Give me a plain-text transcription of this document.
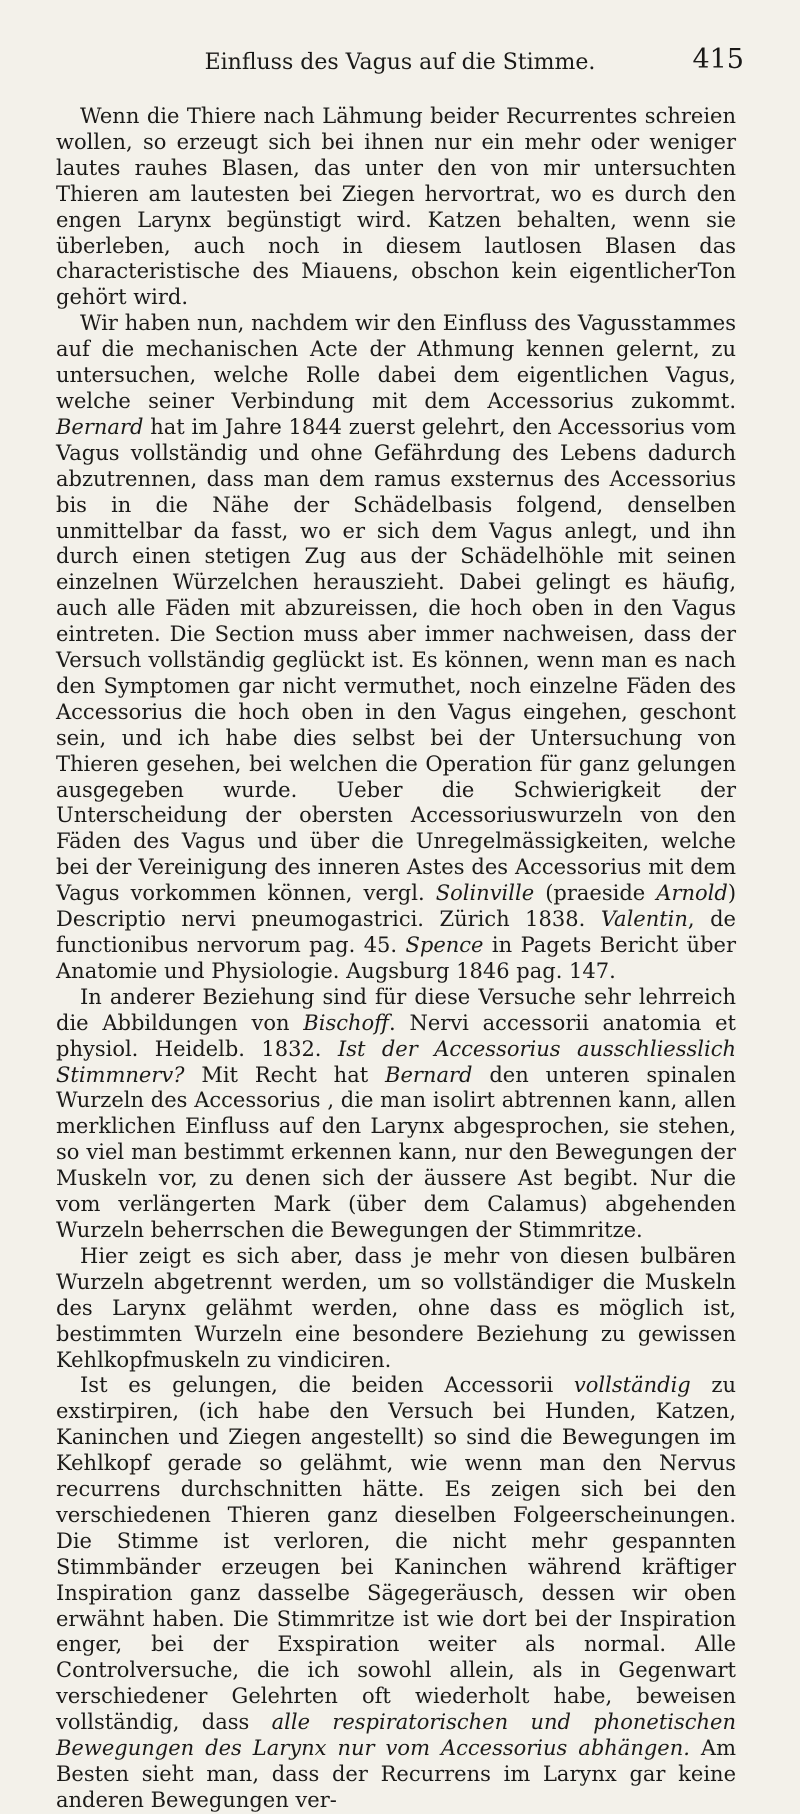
Einfluss des Vagus auf die Stimme.	415

Wenn die Thiere nach Lähmung beider Recurrentes schreien wollen, so erzeugt sich bei ihnen nur ein mehr oder weniger lautes rauhes Blasen, das unter den von mir untersuchten Thieren am lautesten bei Ziegen hervortrat, wo es durch den engen Larynx begünstigt wird. Katzen behalten, wenn sie überleben, auch noch in diesem lautlosen Blasen das characteristische des Miauens, obschon kein eigentlicherTon gehört wird.

Wir haben nun, nachdem wir den Einfluss des Vagusstammes auf die mechanischen Acte der Athmung kennen gelernt, zu untersuchen, welche Rolle dabei dem eigentlichen Vagus, welche seiner Verbindung mit dem Accessorius zukommt. Bernard hat im Jahre 1844 zuerst gelehrt, den Accessorius vom Vagus vollständig und ohne Gefährdung des Lebens dadurch abzutrennen, dass man dem ramus exsternus des Accessorius bis in die Nähe der Schädelbasis folgend, denselben unmittelbar da fasst, wo er sich dem Vagus anlegt, und ihn durch einen stetigen Zug aus der Schädelhöhle mit seinen einzelnen Würzelchen herauszieht. Dabei gelingt es häufig, auch alle Fäden mit abzureissen, die hoch oben in den Vagus eintreten. Die Section muss aber immer nachweisen, dass der Versuch vollständig geglückt ist. Es können, wenn man es nach den Symptomen gar nicht vermuthet, noch einzelne Fäden des Accessorius die hoch oben in den Vagus eingehen, geschont sein, und ich habe dies selbst bei der Untersuchung von Thieren gesehen, bei welchen die Operation für ganz gelungen ausgegeben wurde. Ueber die Schwierigkeit der Unterscheidung der obersten Accessoriuswurzeln von den Fäden des Vagus und über die Unregelmässigkeiten, welche bei der Vereinigung des inneren Astes des Accessorius mit dem Vagus vorkommen können, vergl. Solinville (praeside Arnold) Descriptio nervi pneumogastrici. Zürich 1838. Valentin, de functionibus nervorum pag. 45. Spence in Pagets Bericht über Anatomie und Physiologie. Augsburg 1846 pag. 147.

In anderer Beziehung sind für diese Versuche sehr lehrreich die Abbildungen von Bischoff. Nervi accessorii anatomia et physiol. Heidelb. 1832. Ist der Accessorius ausschliesslich Stimmnerv? Mit Recht hat Bernard den unteren spinalen Wurzeln des Accessorius , die man isolirt abtrennen kann, allen merklichen Einfluss auf den Larynx abgesprochen, sie stehen, so viel man bestimmt erkennen kann, nur den Bewegungen der Muskeln vor, zu denen sich der äussere Ast begibt. Nur die vom verlängerten Mark (über dem Calamus) abgehenden Wurzeln beherrschen die Bewegungen der Stimmritze.

Hier zeigt es sich aber, dass je mehr von diesen bulbären Wurzeln abgetrennt werden, um so vollständiger die Muskeln des Larynx gelähmt werden, ohne dass es möglich ist, bestimmten Wurzeln eine besondere Beziehung zu gewissen Kehlkopfmuskeln zu vindiciren.

Ist es gelungen, die beiden Accessorii vollständig zu exstirpiren, (ich habe den Versuch bei Hunden, Katzen, Kaninchen und Ziegen angestellt) so sind die Bewegungen im Kehlkopf gerade so gelähmt, wie wenn man den Nervus recurrens durchschnitten hätte. Es zeigen sich bei den verschiedenen Thieren ganz dieselben Folgeerscheinungen. Die Stimme ist verloren, die nicht mehr gespannten Stimmbänder erzeugen bei Kaninchen während kräftiger Inspiration ganz dasselbe Sägegeräusch, dessen wir oben erwähnt haben. Die Stimmritze ist wie dort bei der Inspiration enger, bei der Exspiration weiter als normal. Alle Controlversuche, die ich sowohl allein, als in Gegenwart verschiedener Gelehrten oft wiederholt habe, beweisen vollständig, dass alle respiratorischen und phonetischen Bewegungen des Larynx nur vom Accessorius abhängen. Am Besten sieht man, dass der Recurrens im Larynx gar keine anderen Bewegungen ver-
